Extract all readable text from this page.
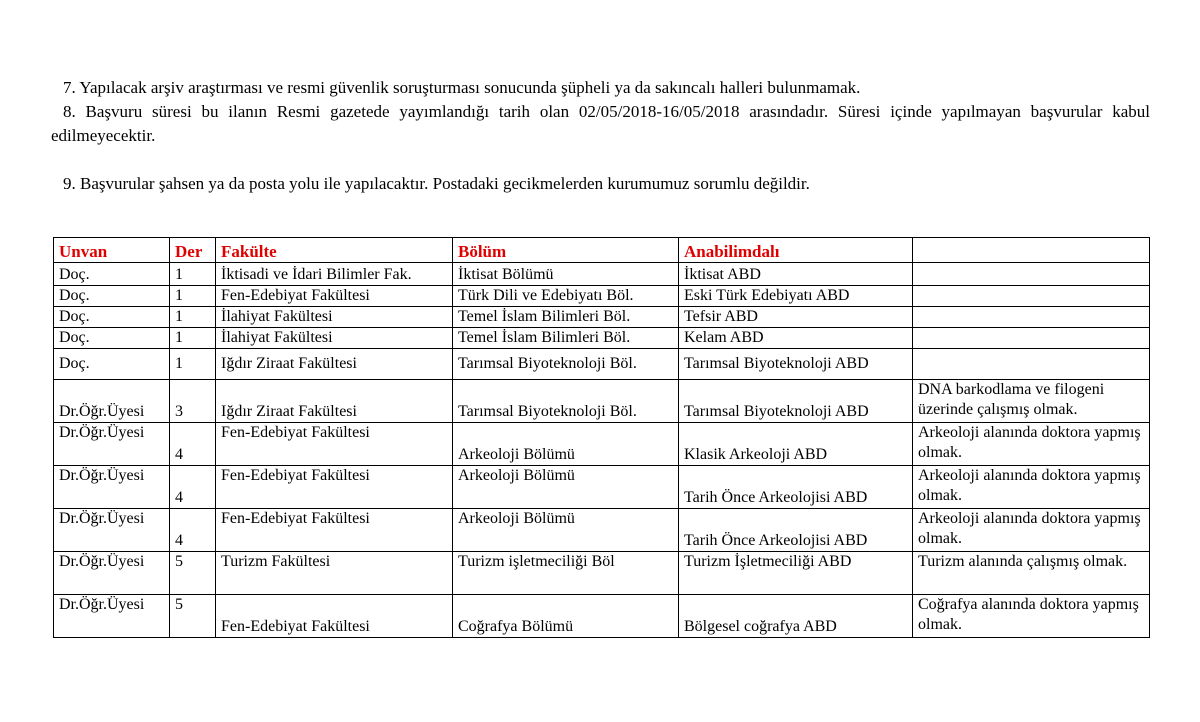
7. Yapılacak arşiv araştırması ve resmi güvenlik soruşturması sonucunda şüpheli ya da sakıncalı halleri bulunmamak.

8. Başvuru süresi bu ilanın Resmi gazetede yayımlandığı tarih olan 02/05/2018-16/05/2018 arasındadır. Süresi içinde yapılmayan başvurular kabul edilmeyecektir.

9. Başvurular şahsen ya da posta yolu ile yapılacaktır. Postadaki gecikmelerden kurumumuz sorumlu değildir.

Unvan	Der	Fakülte	Bölüm	Anabilimdalı	
Doç.	1	İktisadi ve İdari Bilimler Fak.	İktisat Bölümü	İktisat ABD	
Doç.	1	Fen-Edebiyat Fakültesi	Türk Dili ve Edebiyatı Böl.	Eski Türk Edebiyatı ABD	
Doç.	1	İlahiyat Fakültesi	Temel İslam Bilimleri Böl.	Tefsir ABD	
Doç.	1	İlahiyat Fakültesi	Temel İslam Bilimleri Böl.	Kelam ABD	
Doç.	1	Iğdır Ziraat Fakültesi	Tarımsal Biyoteknoloji Böl.	Tarımsal Biyoteknoloji ABD	
Dr.Öğr.Üyesi	3	Iğdır Ziraat Fakültesi	Tarımsal Biyoteknoloji Böl.	Tarımsal Biyoteknoloji ABD	DNA barkodlama ve filogeni üzerinde çalışmış olmak.
Dr.Öğr.Üyesi	4	Fen-Edebiyat Fakültesi	Arkeoloji Bölümü	Klasik Arkeoloji ABD	Arkeoloji alanında doktora yapmış olmak.
Dr.Öğr.Üyesi	4	Fen-Edebiyat Fakültesi	Arkeoloji Bölümü	Tarih Önce Arkeolojisi ABD	Arkeoloji alanında doktora yapmış olmak.
Dr.Öğr.Üyesi	4	Fen-Edebiyat Fakültesi	Arkeoloji Bölümü	Tarih Önce Arkeolojisi ABD	Arkeoloji alanında doktora yapmış olmak.
Dr.Öğr.Üyesi	5	Turizm Fakültesi	Turizm işletmeciliği Böl	Turizm İşletmeciliği ABD	Turizm alanında çalışmış olmak.
Dr.Öğr.Üyesi	5	Fen-Edebiyat Fakültesi	Coğrafya Bölümü	Bölgesel coğrafya ABD	Coğrafya alanında doktora yapmış olmak.
